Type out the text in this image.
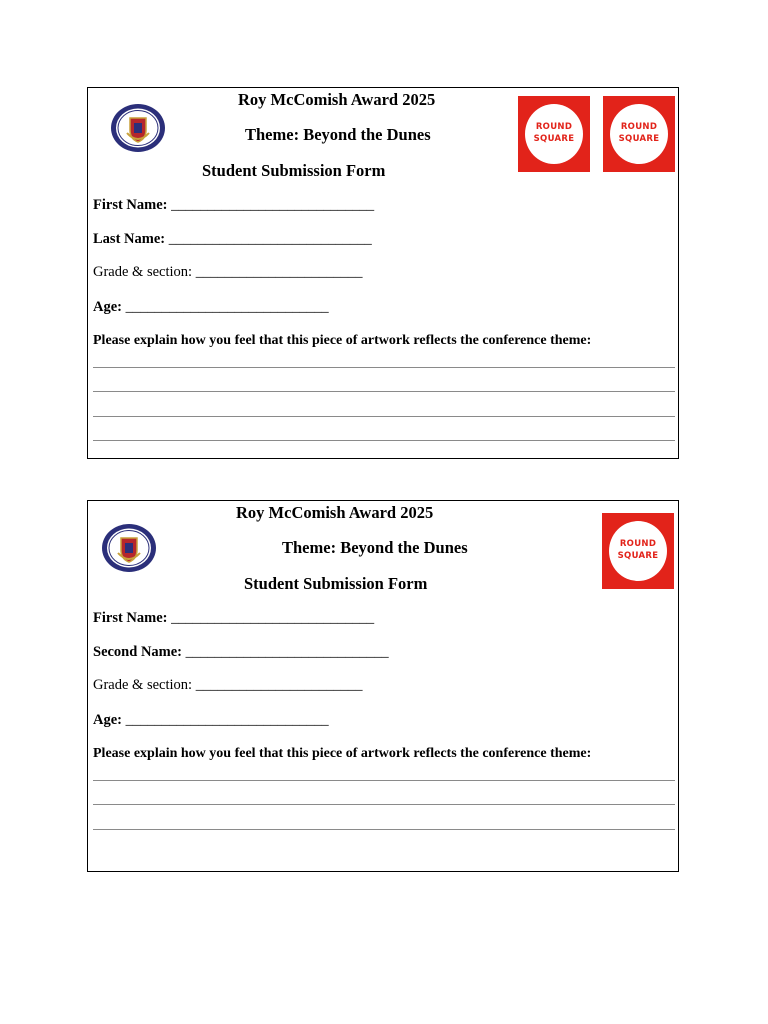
Roy McComish Award 2025
Theme: Beyond the Dunes
Student Submission Form
ROUND
SQUARE
ROUND
SQUARE
First Name: ____________________________
Last Name: ____________________________
Grade & section: _______________________
Age: ____________________________
Please explain how you feel that this piece of artwork reflects the conference theme:
Roy McComish Award 2025
Theme: Beyond the Dunes
Student Submission Form
ROUND
SQUARE
First Name: ____________________________
Second Name: ____________________________
Grade & section: _______________________
Age: ____________________________
Please explain how you feel that this piece of artwork reflects the conference theme:
